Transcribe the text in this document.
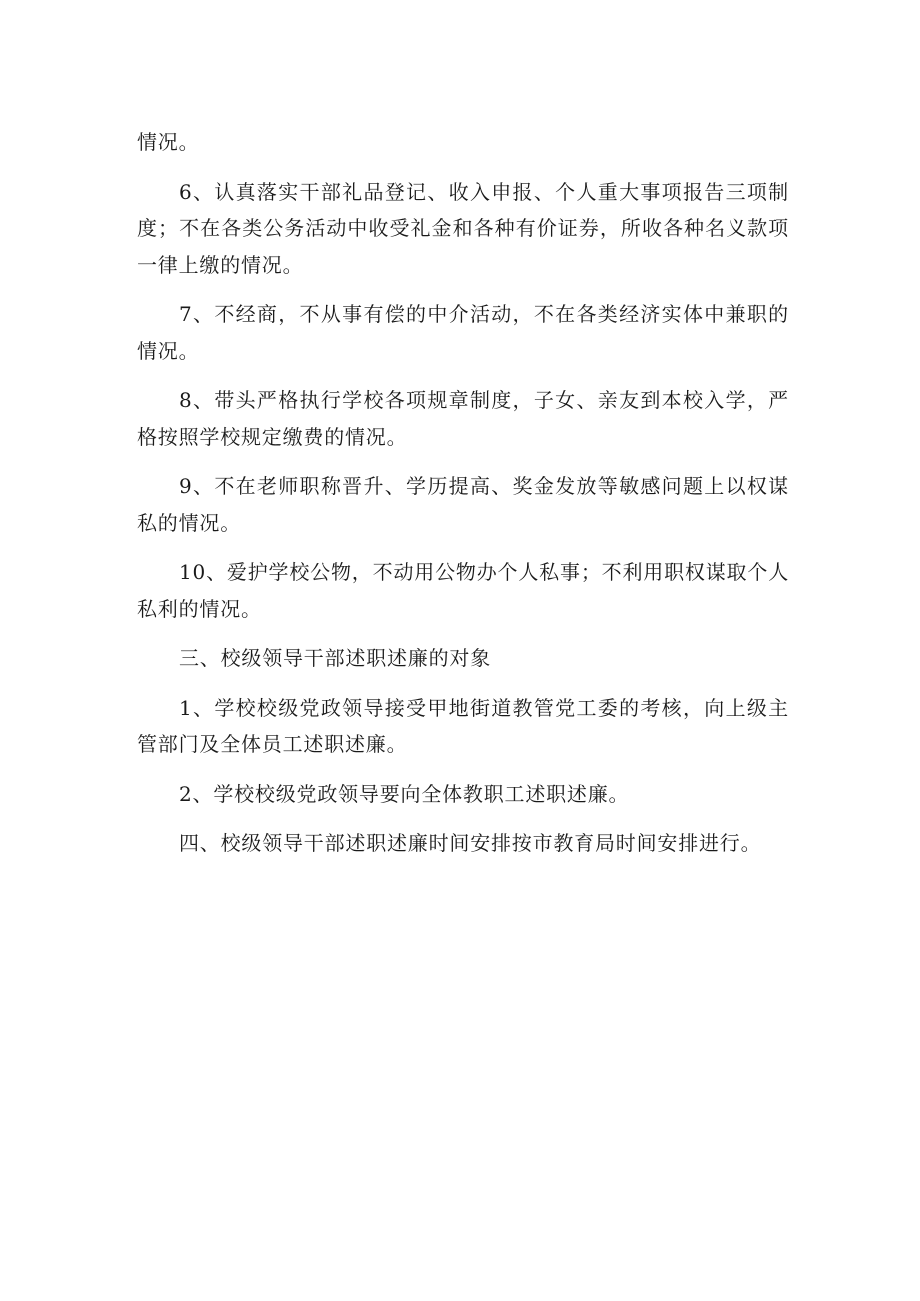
情况。

6、认真落实干部礼品登记、收入申报、个人重大事项报告三项制度；不在各类公务活动中收受礼金和各种有价证券，所收各种名义款项一律上缴的情况。

7、不经商，不从事有偿的中介活动，不在各类经济实体中兼职的情况。

8、带头严格执行学校各项规章制度，子女、亲友到本校入学，严格按照学校规定缴费的情况。

9、不在老师职称晋升、学历提高、奖金发放等敏感问题上以权谋私的情况。

10、爱护学校公物，不动用公物办个人私事；不利用职权谋取个人私利的情况。

三、校级领导干部述职述廉的对象

1、学校校级党政领导接受甲地街道教管党工委的考核，向上级主管部门及全体员工述职述廉。

2、学校校级党政领导要向全体教职工述职述廉。

四、校级领导干部述职述廉时间安排按市教育局时间安排进行。
